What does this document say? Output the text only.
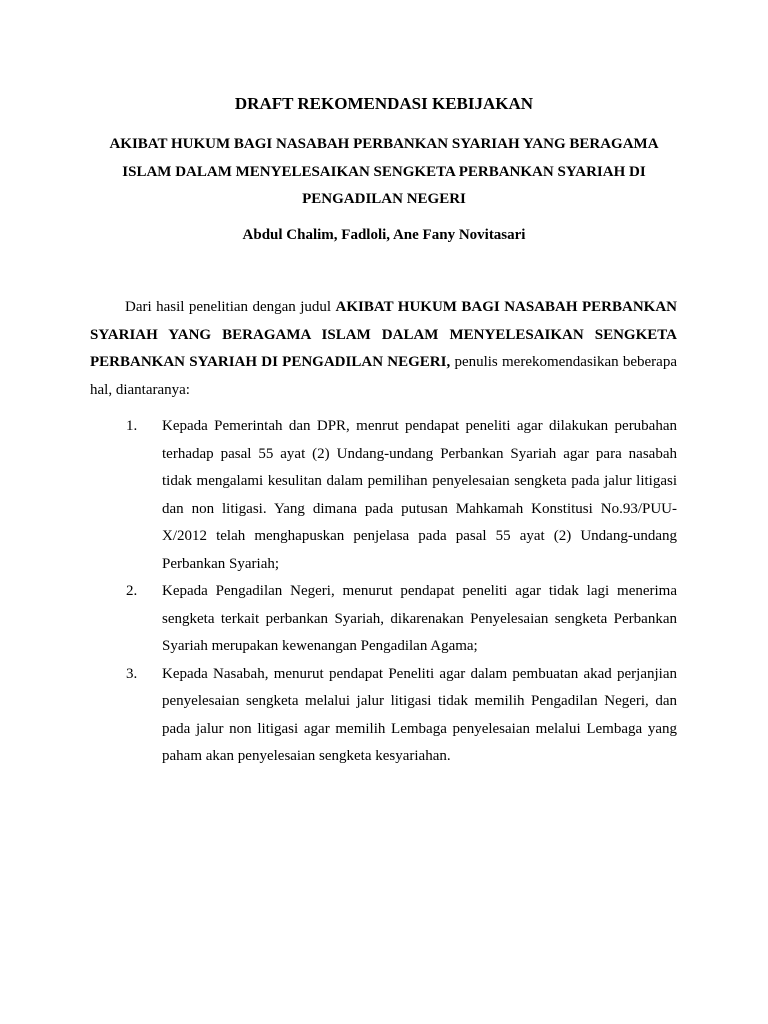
DRAFT REKOMENDASI KEBIJAKAN
AKIBAT HUKUM BAGI NASABAH PERBANKAN SYARIAH YANG BERAGAMA ISLAM DALAM MENYELESAIKAN SENGKETA PERBANKAN SYARIAH DI PENGADILAN NEGERI

Abdul Chalim, Fadloli, Ane Fany Novitasari

Dari hasil penelitian dengan judul AKIBAT HUKUM BAGI NASABAH PERBANKAN SYARIAH YANG BERAGAMA ISLAM DALAM MENYELESAIKAN SENGKETA PERBANKAN SYARIAH DI PENGADILAN NEGERI, penulis merekomendasikan beberapa hal, diantaranya:

1. Kepada Pemerintah dan DPR, menrut pendapat peneliti agar dilakukan perubahan terhadap pasal 55 ayat (2) Undang-undang Perbankan Syariah agar para nasabah tidak mengalami kesulitan dalam pemilihan penyelesaian sengketa pada jalur litigasi dan non litigasi. Yang dimana pada putusan Mahkamah Konstitusi No.93/PUU-X/2012 telah menghapuskan penjelasa pada pasal 55 ayat (2) Undang-undang Perbankan Syariah;
2. Kepada Pengadilan Negeri, menurut pendapat peneliti agar tidak lagi menerima sengketa terkait perbankan Syariah, dikarenakan Penyelesaian sengketa Perbankan Syariah merupakan kewenangan Pengadilan Agama;
3. Kepada Nasabah, menurut pendapat Peneliti agar dalam pembuatan akad perjanjian penyelesaian sengketa melalui jalur litigasi tidak memilih Pengadilan Negeri, dan pada jalur non litigasi agar memilih Lembaga penyelesaian melalui Lembaga yang paham akan penyelesaian sengketa kesyariahan.
